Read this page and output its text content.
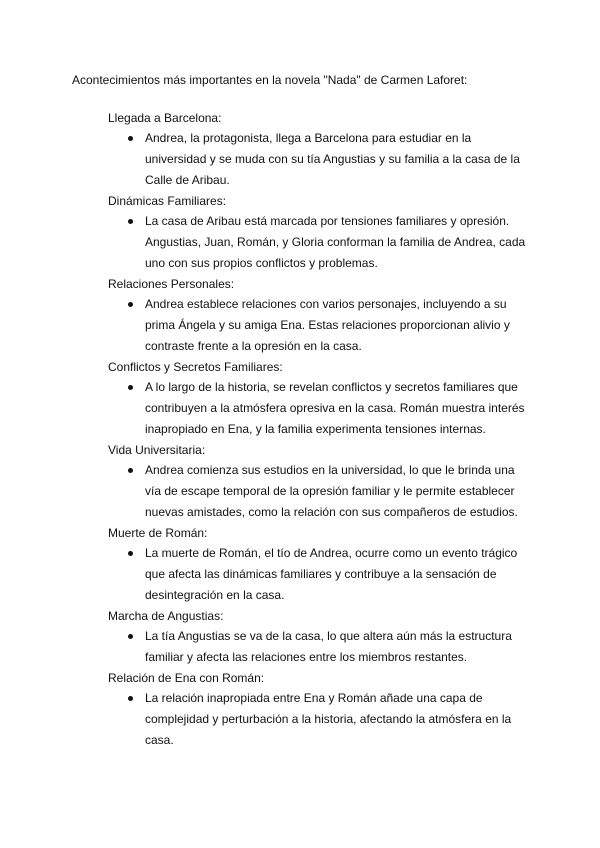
Acontecimientos más importantes en la novela "Nada" de Carmen Laforet:
Llegada a Barcelona:
Andrea, la protagonista, llega a Barcelona para estudiar en la universidad y se muda con su tía Angustias y su familia a la casa de la Calle de Aribau.
Dinámicas Familiares:
La casa de Aribau está marcada por tensiones familiares y opresión. Angustias, Juan, Román, y Gloria conforman la familia de Andrea, cada uno con sus propios conflictos y problemas.
Relaciones Personales:
Andrea establece relaciones con varios personajes, incluyendo a su prima Ángela y su amiga Ena. Estas relaciones proporcionan alivio y contraste frente a la opresión en la casa.
Conflictos y Secretos Familiares:
A lo largo de la historia, se revelan conflictos y secretos familiares que contribuyen a la atmósfera opresiva en la casa. Román muestra interés inapropiado en Ena, y la familia experimenta tensiones internas.
Vida Universitaria:
Andrea comienza sus estudios en la universidad, lo que le brinda una vía de escape temporal de la opresión familiar y le permite establecer nuevas amistades, como la relación con sus compañeros de estudios.
Muerte de Román:
La muerte de Román, el tío de Andrea, ocurre como un evento trágico que afecta las dinámicas familiares y contribuye a la sensación de desintegración en la casa.
Marcha de Angustias:
La tía Angustias se va de la casa, lo que altera aún más la estructura familiar y afecta las relaciones entre los miembros restantes.
Relación de Ena con Román:
La relación inapropiada entre Ena y Román añade una capa de complejidad y perturbación a la historia, afectando la atmósfera en la casa.
